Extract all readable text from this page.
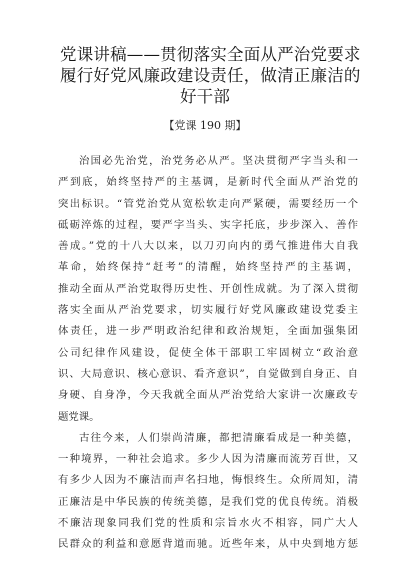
党课讲稿——贯彻落实全面从严治党要求
履行好党风廉政建设责任，做清正廉洁的
好干部
【党课 190 期】
治国必先治党，治党务必从严。坚决贯彻严字当头和一
严到底，始终坚持严的主基调，是新时代全面从严治党的
突出标识。“管党治党从宽松软走向严紧硬，需要经历一个
砥砺淬炼的过程，要严字当头、实字托底，步步深入、善作
善成。”党的十八大以来，以刀刃向内的勇气推进伟大自我
革命，始终保持“赶考”的清醒，始终坚持严的主基调，
推动全面从严治党取得历史性、开创性成就。为了深入贯彻
落实全面从严治党要求，切实履行好党风廉政建设党委主
体责任，进一步严明政治纪律和政治规矩，全面加强集团
公司纪律作风建设，促使全体干部职工牢固树立“政治意
识、大局意识、核心意识、看齐意识”，自觉做到自身正、自
身硬、自身净，今天我就全面从严治党给大家讲一次廉政专
题党课。
古往今来，人们崇尚清廉，都把清廉看成是一种美德，
一种境界，一种社会追求。多少人因为清廉而流芳百世，又
有多少人因为不廉洁而声名扫地，悔恨终生。众所周知，清
正廉洁是中华民族的传统美德，是我们党的优良传统。消极
不廉洁现象同我们党的性质和宗旨水火不相容，同广大人
民群众的利益和意愿背道而驰。近些年来，从中央到地方惩
